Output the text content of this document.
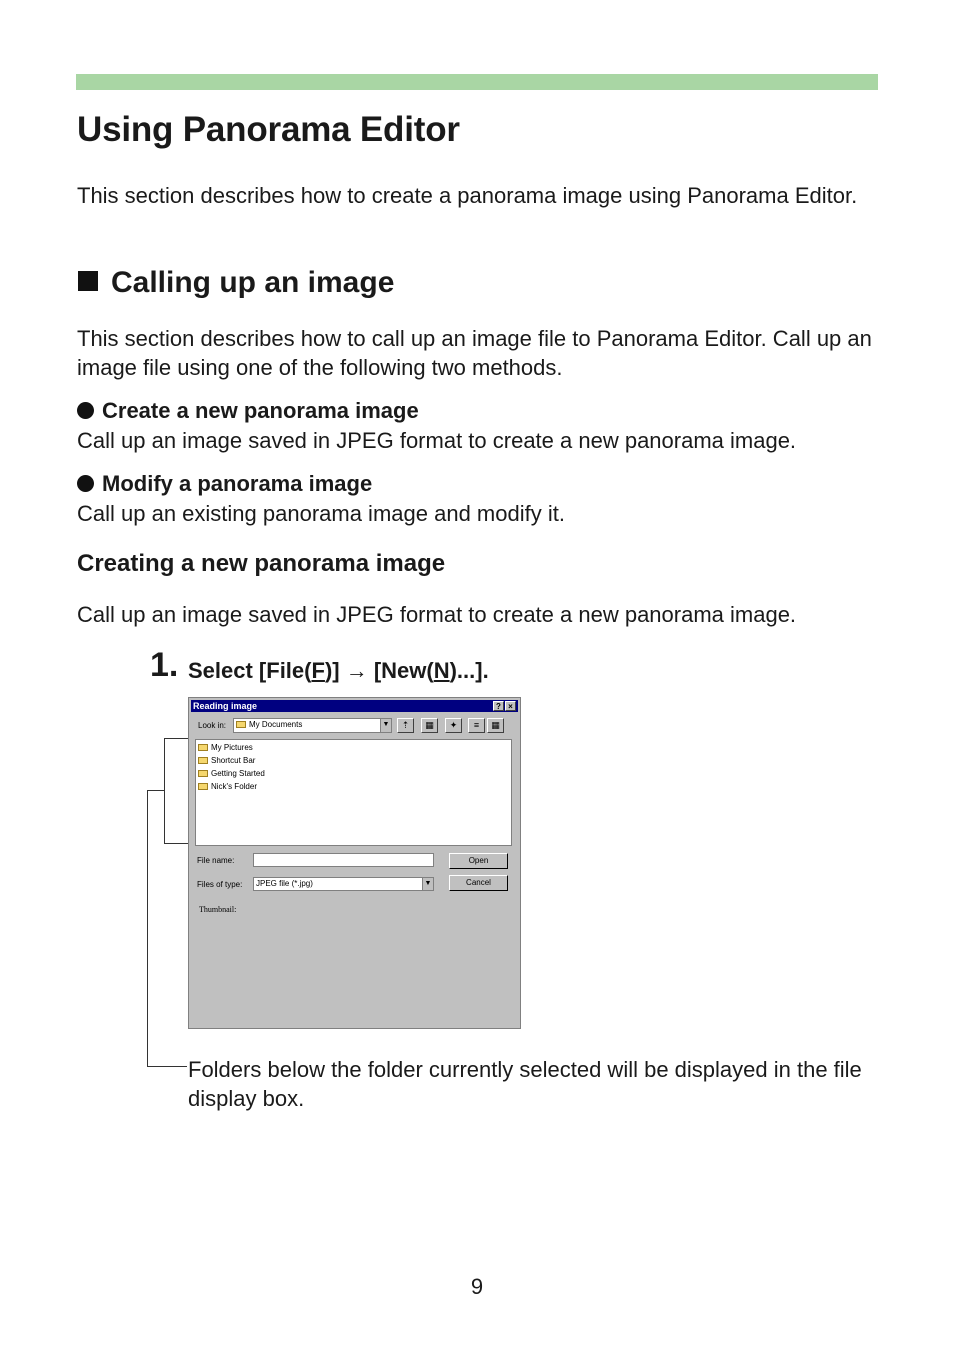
Using Panorama Editor

This section describes how to create a panorama image using Panorama Editor.

Calling up an image

This section describes how to call up an image file to Panorama Editor. Call up an image file using one of the following two methods.

Create a new panorama image

Call up an image saved in JPEG format to create a new panorama image.

Modify a panorama image

Call up an existing panorama image and modify it.

Creating a new panorama image

Call up an image saved in JPEG format to create a new panorama image.

1. Select [File(F)] → [New(N)...].
Reading image	? ×
Look in:	My Documents	▼	⇡	▦	✦	≡	▦
My Pictures
Shortcut Bar
Getting Started
Nick's Folder
File name:	Open
Files of type:	JPEG file (*.jpg)	▼	Cancel
Thumbnail:
Folders below the folder currently selected will be displayed in the file display box.
9
